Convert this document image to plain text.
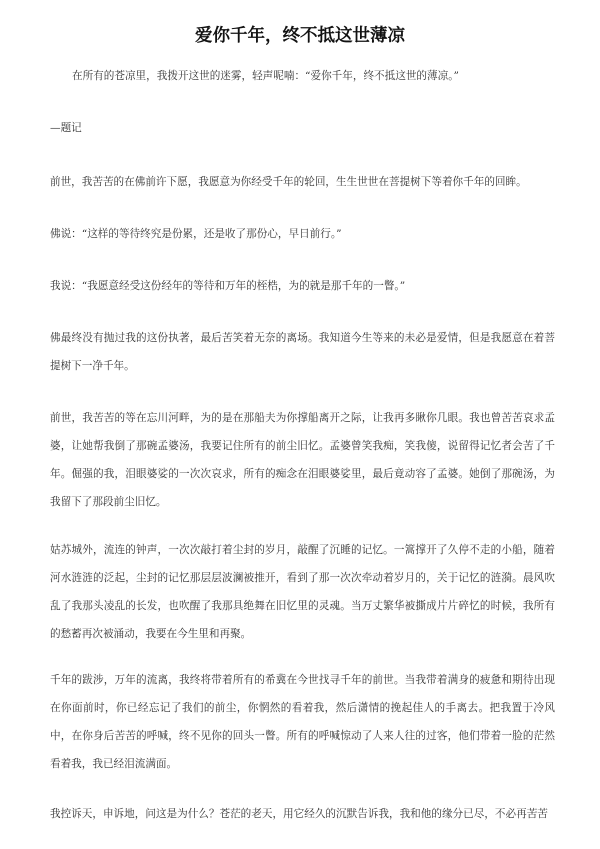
爱你千年，终不抵这世薄凉

在所有的苍凉里，我拨开这世的迷雾，轻声呢喃：“爱你千年，终不抵这世的薄凉。”

—题记

前世，我苦苦的在佛前许下愿，我愿意为你经受千年的轮回，生生世世在菩提树下等着你千年的回眸。

佛说：“这样的等待终究是份累，还是收了那份心，早日前行。”

我说：“我愿意经受这份经年的等待和万年的桎梏，为的就是那千年的一瞥。”

佛最终没有抛过我的这份执著，最后苦笑着无奈的离场。我知道今生等来的未必是爱情，但是我愿意在着菩提树下一净千年。

前世，我苦苦的等在忘川河畔，为的是在那船夫为你撑船离开之际，让我再多瞅你几眼。我也曾苦苦哀求孟婆，让她帮我倒了那碗孟婆汤，我要记住所有的前尘旧忆。孟婆曾笑我痴，笑我傻，说留得记忆者会苦了千年。倔强的我，泪眼婆娑的一次次哀求，所有的痴念在泪眼婆娑里，最后竟动容了孟婆。她倒了那碗汤，为我留下了那段前尘旧忆。

姑苏城外，流连的钟声，一次次敲打着尘封的岁月，敲醒了沉睡的记忆。一篙撑开了久停不走的小船，随着河水涟涟的泛起，尘封的记忆那层层波澜被推开，看到了那一次次牵动着岁月的，关于记忆的涟漪。晨风吹乱了我那头凌乱的长发，也吹醒了我那具绝舞在旧忆里的灵魂。当万丈繁华被撕成片片碎忆的时候，我所有的愁蓄再次被涌动，我要在今生里和再聚。

千年的跋涉，万年的流离，我终将带着所有的希冀在今世找寻千年的前世。当我带着满身的疲惫和期待出现在你面前时，你已经忘记了我们的前尘，你惘然的看着我，然后潇情的挽起佳人的手离去。把我置于冷风中，在你身后苦苦的呼喊，终不见你的回头一瞥。所有的呼喊惊动了人来人往的过客，他们带着一脸的茫然看着我，我已经泪流满面。

我控诉天，申诉地，问这是为什么？苍茫的老天，用它经久的沉默告诉我，我和他的缘分已尽，不必再苦苦
